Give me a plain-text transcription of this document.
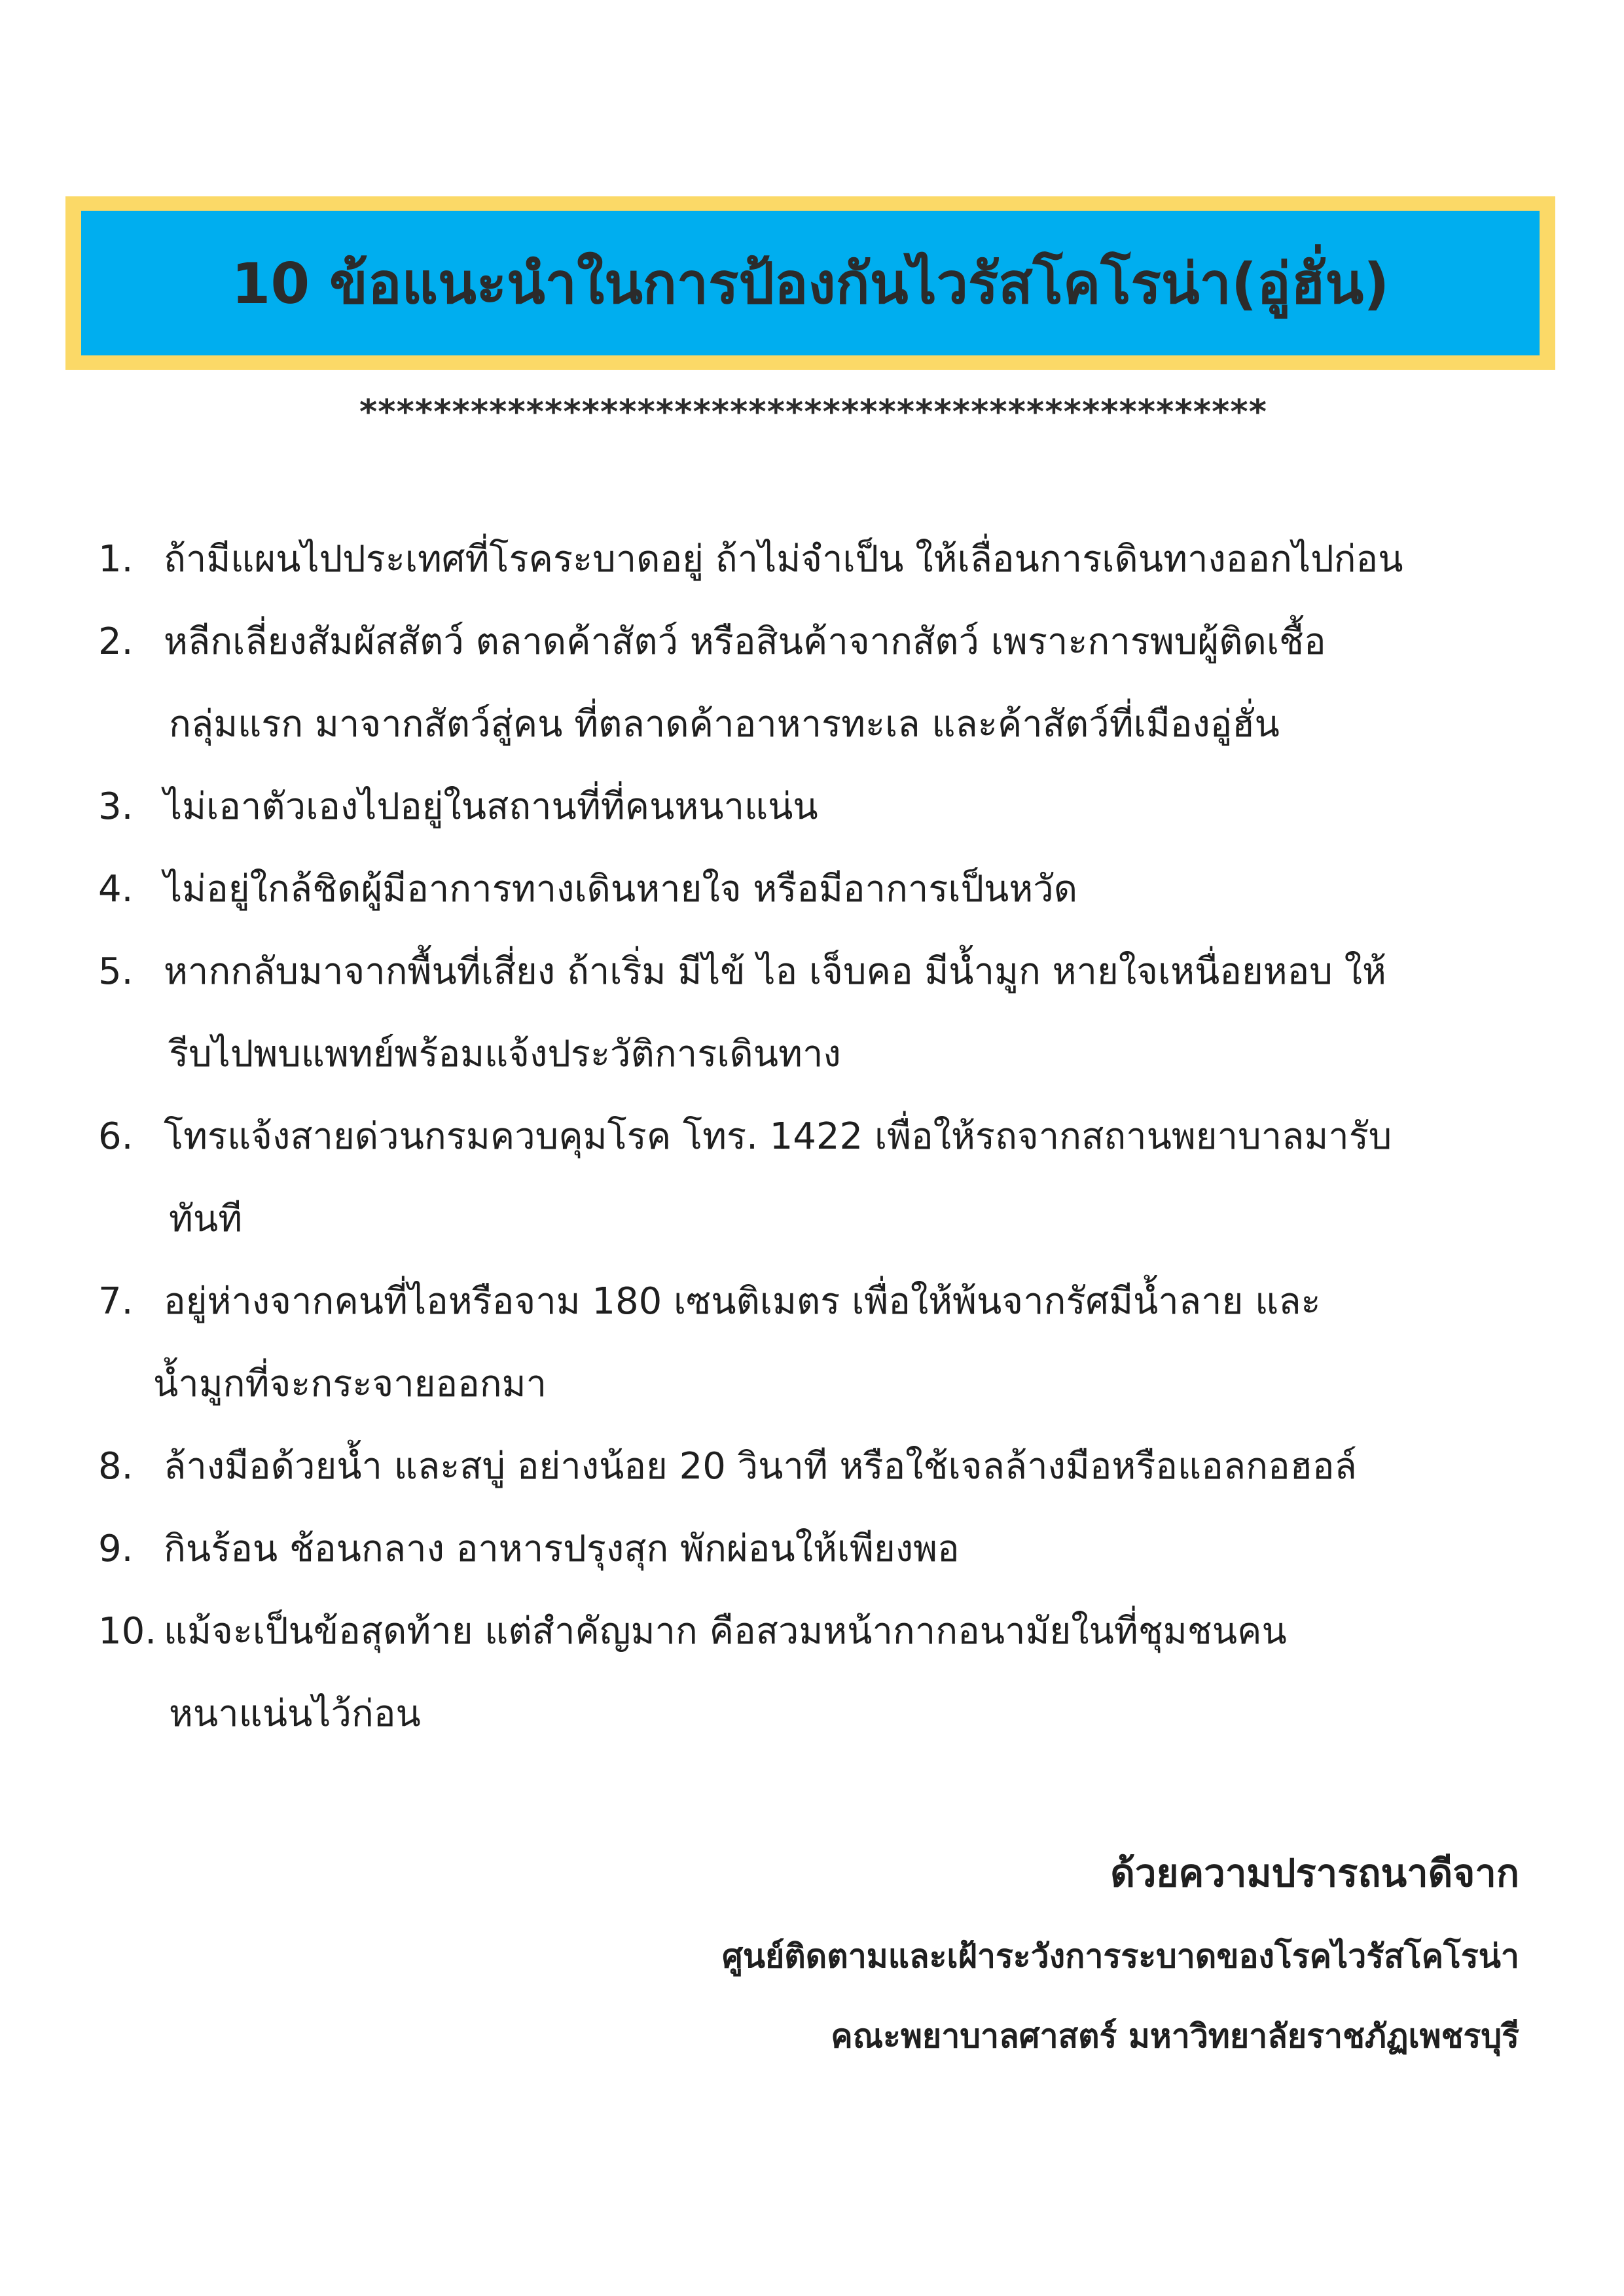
10 ข้อแนะนำในการป้องกันไวรัสโคโรน่า(อู่ฮั่น)
*************************************************
1. ถ้ามีแผนไปประเทศที่โรคระบาดอยู่ ถ้าไม่จำเป็น ให้เลื่อนการเดินทางออกไปก่อน
2. หลีกเลี่ยงสัมผัสสัตว์ ตลาดค้าสัตว์ หรือสินค้าจากสัตว์ เพราะการพบผู้ติดเชื้อ
กลุ่มแรก มาจากสัตว์สู่คน ที่ตลาดค้าอาหารทะเล และค้าสัตว์ที่เมืองอู่ฮั่น
3. ไม่เอาตัวเองไปอยู่ในสถานที่ที่คนหนาแน่น
4. ไม่อยู่ใกล้ชิดผู้มีอาการทางเดินหายใจ หรือมีอาการเป็นหวัด
5. หากกลับมาจากพื้นที่เสี่ยง ถ้าเริ่ม มีไข้ ไอ เจ็บคอ มีน้ำมูก หายใจเหนื่อยหอบ ให้
รีบไปพบแพทย์พร้อมแจ้งประวัติการเดินทาง
6. โทรแจ้งสายด่วนกรมควบคุมโรค โทร. 1422 เพื่อให้รถจากสถานพยาบาลมารับ
ทันที
7. อยู่ห่างจากคนที่ไอหรือจาม 180 เซนติเมตร เพื่อให้พ้นจากรัศมีน้ำลาย และ
น้ำมูกที่จะกระจายออกมา
8. ล้างมือด้วยน้ำ และสบู่ อย่างน้อย 20 วินาที หรือใช้เจลล้างมือหรือแอลกอฮอล์
9. กินร้อน ช้อนกลาง อาหารปรุงสุก พักผ่อนให้เพียงพอ
10. แม้จะเป็นข้อสุดท้าย แต่สำคัญมาก คือสวมหน้ากากอนามัยในที่ชุมชนคน
หนาแน่นไว้ก่อน
ด้วยความปรารถนาดีจาก
ศูนย์ติดตามและเฝ้าระวังการระบาดของโรคไวรัสโคโรน่า
คณะพยาบาลศาสตร์ มหาวิทยาลัยราชภัฏเพชรบุรี
